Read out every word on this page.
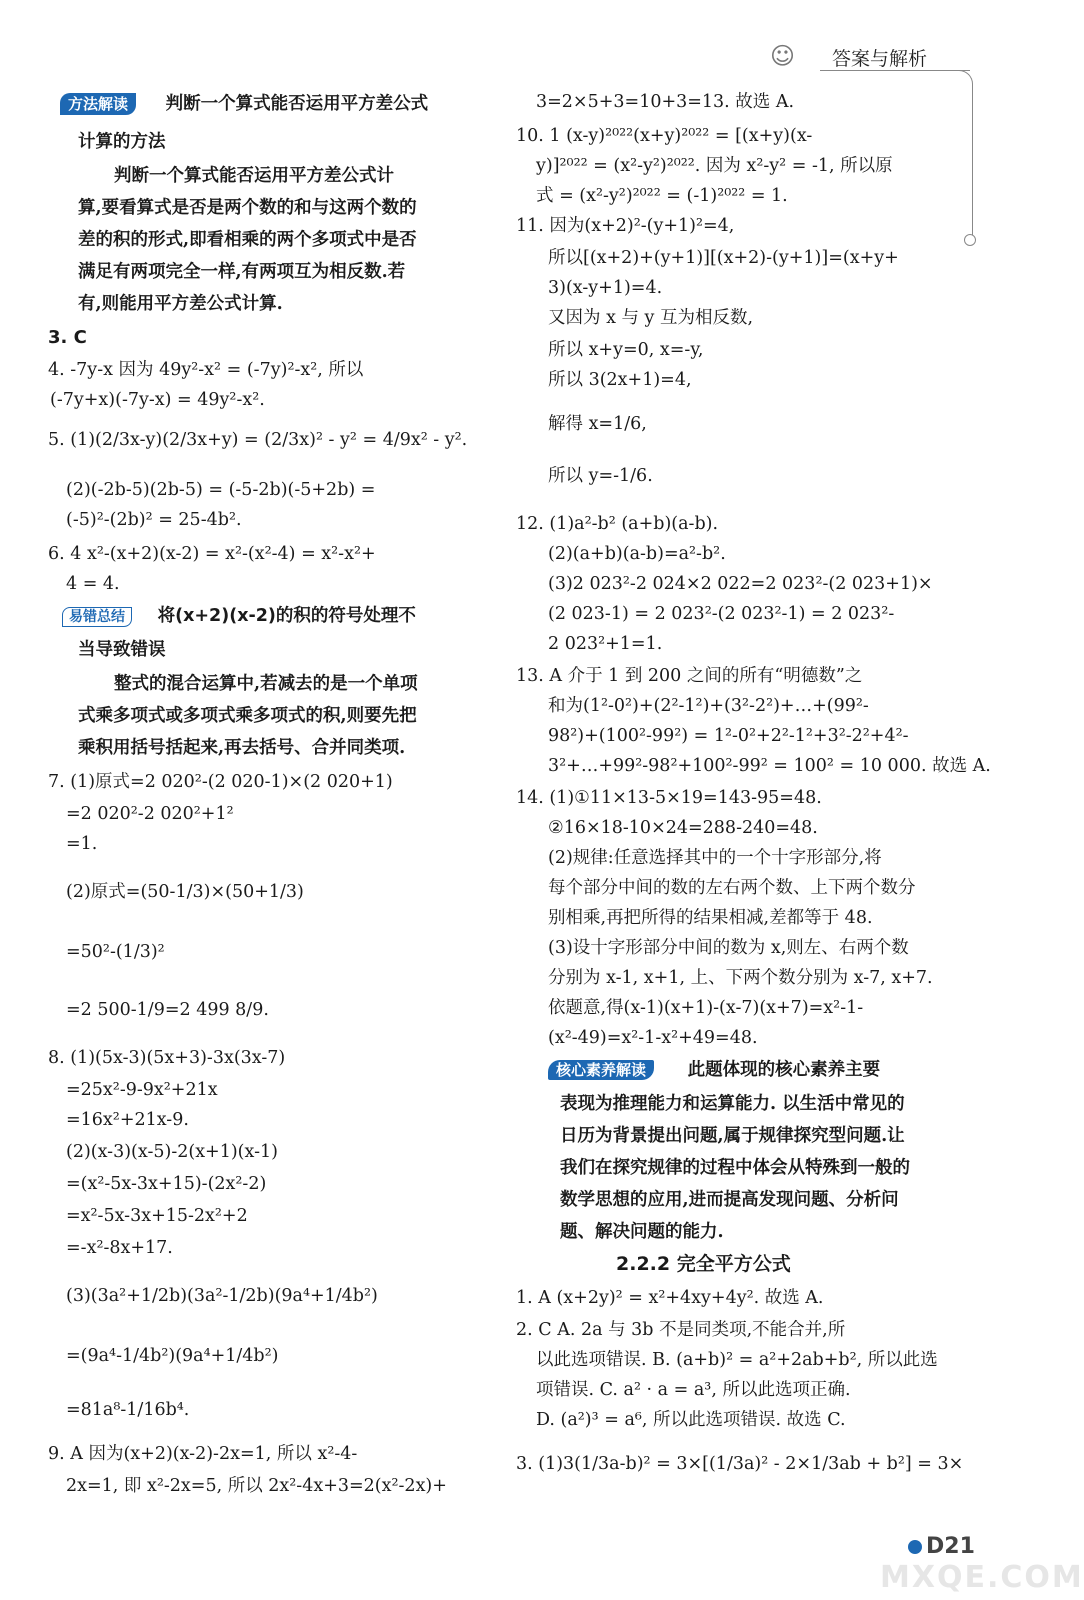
☺ 答案与解析
方法解读 判断一个算式能否运用平方差公式
计算的方法
判断一个算式能否运用平方差公式计
算,要看算式是否是两个数的和与这两个数的
差的积的形式,即看相乘的两个多项式中是否
满足有两项完全一样,有两项互为相反数.若
有,则能用平方差公式计算.
3. C
4. -7y-x 因为 49y²-x² = (-7y)²-x², 所以
(-7y+x)(-7y-x) = 49y²-x².
5. (1)(2/3x-y)(2/3x+y) = (2/3x)² - y² = 4/9x² - y².
(2)(-2b-5)(2b-5) = (-5-2b)(-5+2b) =
(-5)²-(2b)² = 25-4b².
6. 4 x²-(x+2)(x-2) = x²-(x²-4) = x²-x²+
4 = 4.
易错总结 将(x+2)(x-2)的积的符号处理不
当导致错误
整式的混合运算中,若减去的是一个单项
式乘多项式或多项式乘多项式的积,则要先把
乘积用括号括起来,再去括号、合并同类项.
7. (1)原式=2 020²-(2 020-1)×(2 020+1)
=2 020²-2 020²+1²
=1.
(2)原式=(50-1/3)×(50+1/3)
=50²-(1/3)²
=2 500-1/9=2 499 8/9.
8. (1)(5x-3)(5x+3)-3x(3x-7)
=25x²-9-9x²+21x
=16x²+21x-9.
(2)(x-3)(x-5)-2(x+1)(x-1)
=(x²-5x-3x+15)-(2x²-2)
=x²-5x-3x+15-2x²+2
=-x²-8x+17.
(3)(3a²+1/2b)(3a²-1/2b)(9a⁴+1/4b²)
=(9a⁴-1/4b²)(9a⁴+1/4b²)
=81a⁸-1/16b⁴.
9. A 因为(x+2)(x-2)-2x=1, 所以 x²-4-
2x=1, 即 x²-2x=5, 所以 2x²-4x+3=2(x²-2x)+
3=2×5+3=10+3=13. 故选 A.
10. 1 (x-y)²⁰²²(x+y)²⁰²² = [(x+y)(x-
y)]²⁰²² = (x²-y²)²⁰²². 因为 x²-y² = -1, 所以原
式 = (x²-y²)²⁰²² = (-1)²⁰²² = 1.
11. 因为(x+2)²-(y+1)²=4,
所以[(x+2)+(y+1)][(x+2)-(y+1)]=(x+y+
3)(x-y+1)=4.
又因为 x 与 y 互为相反数,
所以 x+y=0, x=-y,
所以 3(2x+1)=4,
解得 x=1/6,
所以 y=-1/6.
12. (1)a²-b² (a+b)(a-b).
(2)(a+b)(a-b)=a²-b².
(3)2 023²-2 024×2 022=2 023²-(2 023+1)×
(2 023-1) = 2 023²-(2 023²-1) = 2 023²-
2 023²+1=1.
13. A 介于 1 到 200 之间的所有“明德数”之
和为(1²-0²)+(2²-1²)+(3²-2²)+…+(99²-
98²)+(100²-99²) = 1²-0²+2²-1²+3²-2²+4²-
3²+…+99²-98²+100²-99² = 100² = 10 000. 故选 A.
14. (1)①11×13-5×19=143-95=48.
②16×18-10×24=288-240=48.
(2)规律:任意选择其中的一个十字形部分,将
每个部分中间的数的左右两个数、上下两个数分
别相乘,再把所得的结果相减,差都等于 48.
(3)设十字形部分中间的数为 x,则左、右两个数
分别为 x-1, x+1, 上、下两个数分别为 x-7, x+7.
依题意,得(x-1)(x+1)-(x-7)(x+7)=x²-1-
(x²-49)=x²-1-x²+49=48.
核心素养解读 此题体现的核心素养主要
表现为推理能力和运算能力. 以生活中常见的
日历为背景提出问题,属于规律探究型问题.让
我们在探究规律的过程中体会从特殊到一般的
数学思想的应用,进而提高发现问题、分析问
题、解决问题的能力.
2.2.2 完全平方公式
1. A (x+2y)² = x²+4xy+4y². 故选 A.
2. C A. 2a 与 3b 不是同类项,不能合并,所
以此选项错误. B. (a+b)² = a²+2ab+b², 所以此选
项错误. C. a² · a = a³, 所以此选项正确.
D. (a²)³ = a⁶, 所以此选项错误. 故选 C.
3. (1)3(1/3a-b)² = 3×[(1/3a)² - 2×1/3ab + b²] = 3×
D21
MXQE.COM
